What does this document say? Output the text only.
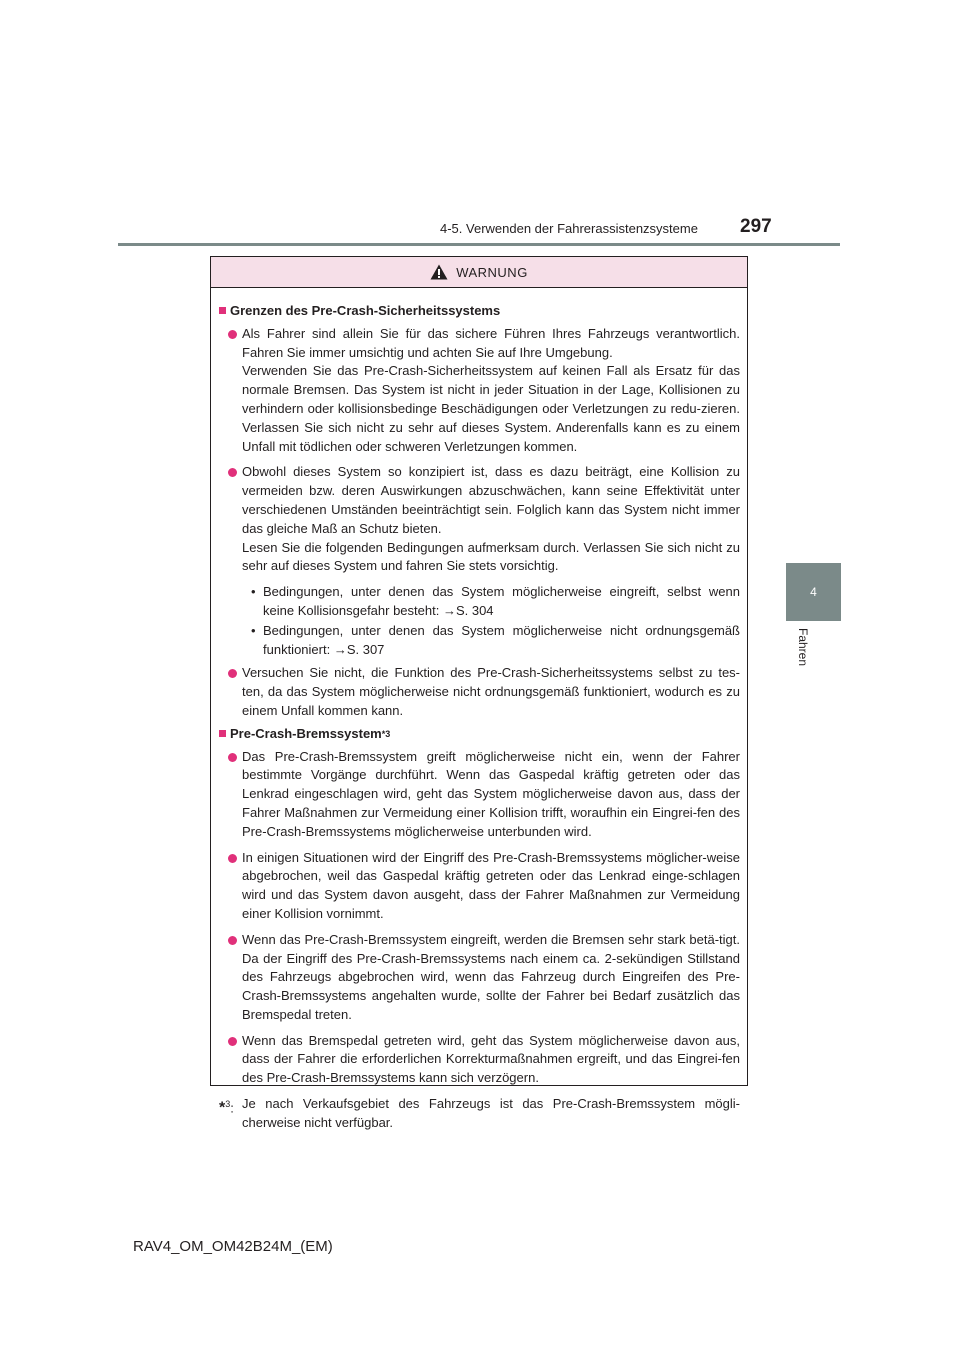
4-5. Verwenden der Fahrerassistenzsysteme 297
4
Fahren
WARNUNG
Grenzen des Pre-Crash-Sicherheitssystems

Als Fahrer sind allein Sie für das sichere Führen Ihres Fahrzeugs verantwortlich. Fahren Sie immer umsichtig und achten Sie auf Ihre Umgebung.

Verwenden Sie das Pre-Crash-Sicherheitssystem auf keinen Fall als Ersatz für das normale Bremsen. Das System ist nicht in jeder Situation in der Lage, Kollisionen zu verhindern oder kollisionsbedinge Beschädigungen oder Verletzungen zu redu-zieren. Verlassen Sie sich nicht zu sehr auf dieses System. Anderenfalls kann es zu einem Unfall mit tödlichen oder schweren Verletzungen kommen.

Obwohl dieses System so konzipiert ist, dass es dazu beiträgt, eine Kollision zu vermeiden bzw. deren Auswirkungen abzuschwächen, kann seine Effektivität unter verschiedenen Umständen beeinträchtigt sein. Folglich kann das System nicht immer das gleiche Maß an Schutz bieten.

Lesen Sie die folgenden Bedingungen aufmerksam durch. Verlassen Sie sich nicht zu sehr auf dieses System und fahren Sie stets vorsichtig.

• Bedingungen, unter denen das System möglicherweise eingreift, selbst wenn keine Kollisionsgefahr besteht: →S. 304
• Bedingungen, unter denen das System möglicherweise nicht ordnungsgemäß funktioniert: →S. 307

Versuchen Sie nicht, die Funktion des Pre-Crash-Sicherheitssystems selbst zu tes-ten, da das System möglicherweise nicht ordnungsgemäß funktioniert, wodurch es zu einem Unfall kommen kann.

Pre-Crash-Bremssystem *3

Das Pre-Crash-Bremssystem greift möglicherweise nicht ein, wenn der Fahrer bestimmte Vorgänge durchführt. Wenn das Gaspedal kräftig getreten oder das Lenkrad eingeschlagen wird, geht das System möglicherweise davon aus, dass der Fahrer Maßnahmen zur Vermeidung einer Kollision trifft, woraufhin ein Eingrei-fen des Pre-Crash-Bremssystems möglicherweise unterbunden wird.

In einigen Situationen wird der Eingriff des Pre-Crash-Bremssystems möglicher-weise abgebrochen, weil das Gaspedal kräftig getreten oder das Lenkrad einge-schlagen wird und das System davon ausgeht, dass der Fahrer Maßnahmen zur Vermeidung einer Kollision vornimmt.

Wenn das Pre-Crash-Bremssystem eingreift, werden die Bremsen sehr stark betä-tigt. Da der Eingriff des Pre-Crash-Bremssystems nach einem ca. 2-sekündigen Stillstand des Fahrzeugs abgebrochen wird, wenn das Fahrzeug durch Eingreifen des Pre-Crash-Bremssystems angehalten wurde, sollte der Fahrer bei Bedarf zusätzlich das Bremspedal treten.

Wenn das Bremspedal getreten wird, geht das System möglicherweise davon aus, dass der Fahrer die erforderlichen Korrekturmaßnahmen ergreift, und das Eingrei-fen des Pre-Crash-Bremssystems kann sich verzögern.

*$^3$: Je nach Verkaufsgebiet des Fahrzeugs ist das Pre-Crash-Bremssystem mögli-cherweise nicht verfügbar.
RAV4_OM_OM42B24M_(EM)
